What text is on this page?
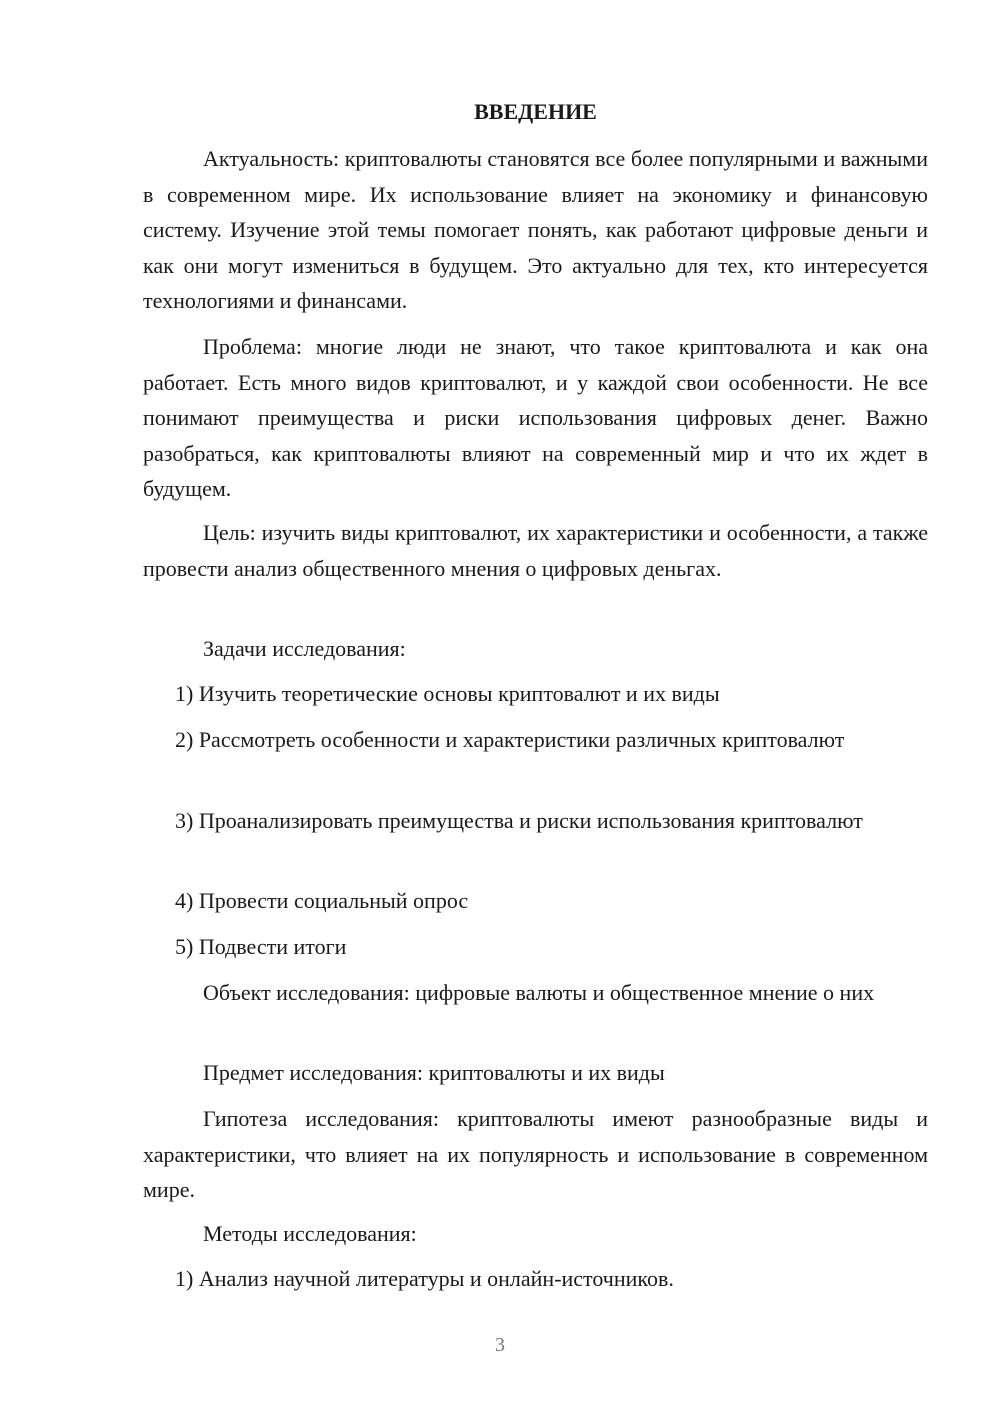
ВВЕДЕНИЕ

Актуальность: криптовалюты становятся все более популярными и важными в современном мире. Их использование влияет на экономику и финансовую систему. Изучение этой темы помогает понять, как работают цифровые деньги и как они могут измениться в будущем. Это актуально для тех, кто интересуется технологиями и финансами.

Проблема: многие люди не знают, что такое криптовалюта и как она работает. Есть много видов криптовалют, и у каждой свои особенности. Не все понимают преимущества и риски использования цифровых денег. Важно разобраться, как криптовалюты влияют на современный мир и что их ждет в будущем.

Цель: изучить виды криптовалют, их характеристики и особенности, а также провести анализ общественного мнения о цифровых деньгах.

Задачи исследования:

1) Изучить теоретические основы криптовалют и их виды

2) Рассмотреть особенности и характеристики различных криптовалют

3) Проанализировать преимущества и риски использования криптовалют

4) Провести социальный опрос

5) Подвести итоги

Объект исследования: цифровые валюты и общественное мнение о них

Предмет исследования: криптовалюты и их виды

Гипотеза исследования: криптовалюты имеют разнообразные виды и характеристики, что влияет на их популярность и использование в современном мире.

Методы исследования:

1) Анализ научной литературы и онлайн-источников.

3
